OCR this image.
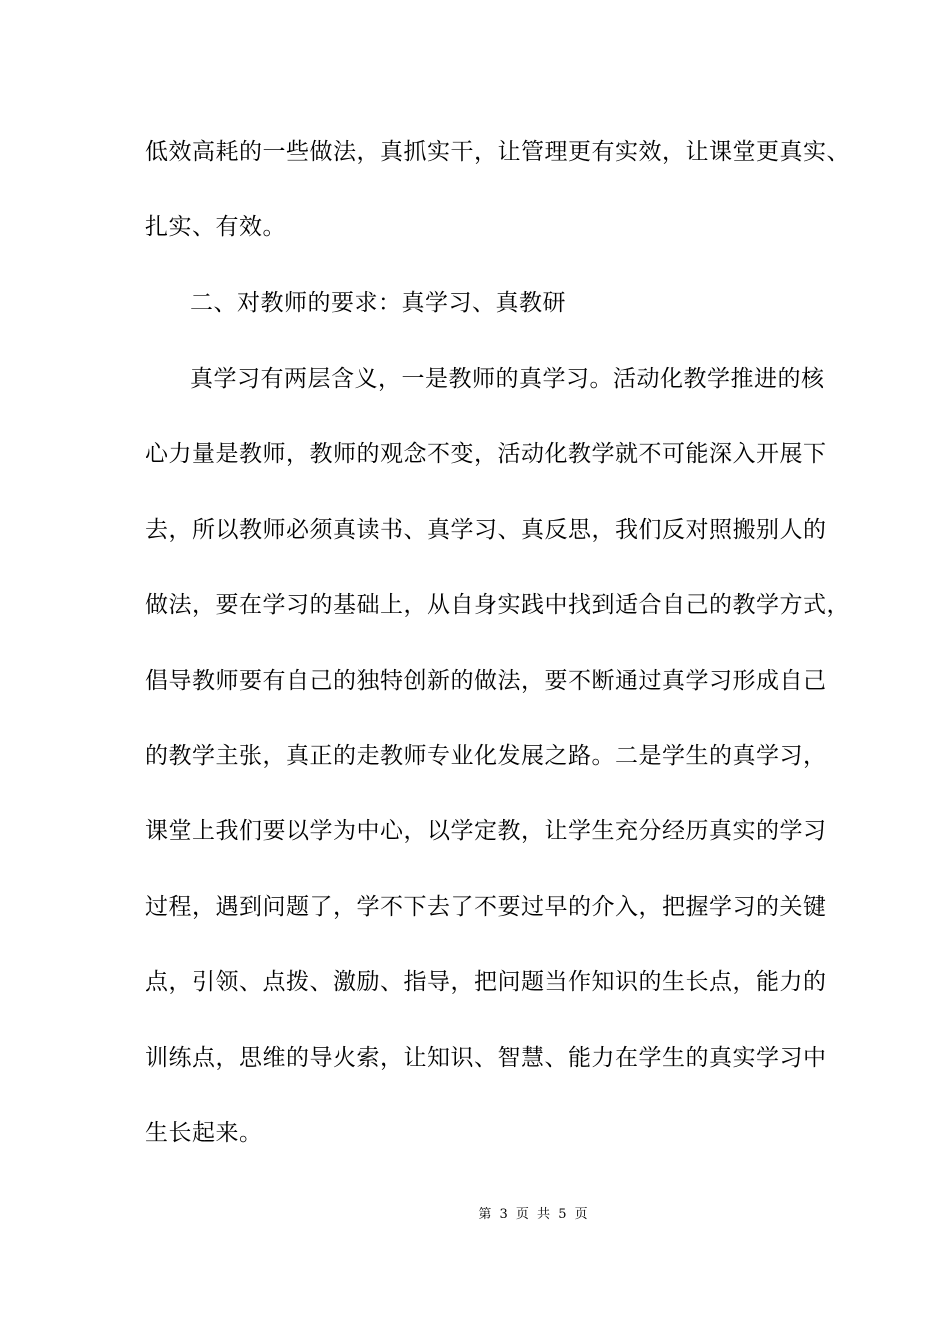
低效高耗的一些做法，真抓实干，让管理更有实效，让课堂更真实、
扎实、有效。
二、对教师的要求：真学习、真教研
真学习有两层含义，一是教师的真学习。活动化教学推进的核
心力量是教师，教师的观念不变，活动化教学就不可能深入开展下
去，所以教师必须真读书、真学习、真反思，我们反对照搬别人的
做法，要在学习的基础上，从自身实践中找到适合自己的教学方式，
倡导教师要有自己的独特创新的做法，要不断通过真学习形成自己
的教学主张，真正的走教师专业化发展之路。二是学生的真学习，
课堂上我们要以学为中心，以学定教，让学生充分经历真实的学习
过程，遇到问题了，学不下去了不要过早的介入，把握学习的关键
点，引领、点拨、激励、指导，把问题当作知识的生长点，能力的
训练点，思维的导火索，让知识、智慧、能力在学生的真实学习中
生长起来。
第 3 页 共 5 页
